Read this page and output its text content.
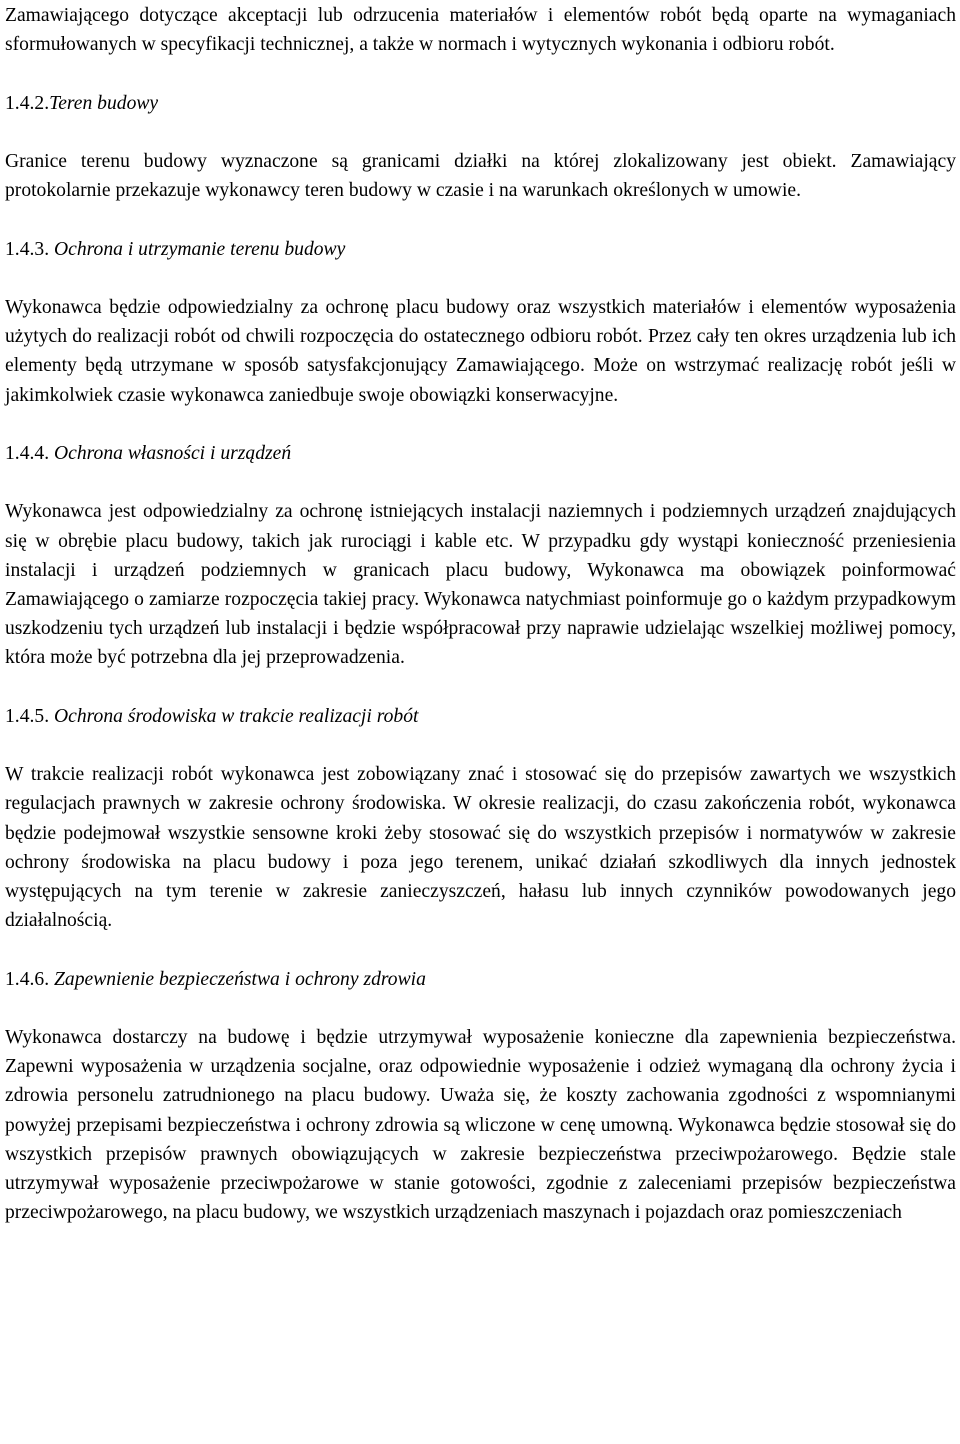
Zamawiającego dotyczące akceptacji lub odrzucenia materiałów i elementów robót będą oparte na wymaganiach sformułowanych w specyfikacji technicznej, a także w normach i wytycznych wykonania i odbioru robót.

1.4.2.Teren budowy

Granice terenu budowy wyznaczone są granicami działki na której zlokalizowany jest obiekt. Zamawiający protokolarnie przekazuje wykonawcy teren budowy w czasie i na warunkach określonych w umowie.

1.4.3. Ochrona i utrzymanie terenu budowy

Wykonawca będzie odpowiedzialny za ochronę placu budowy oraz wszystkich materiałów i elementów wyposażenia użytych do realizacji robót od chwili rozpoczęcia do ostatecznego odbioru robót. Przez cały ten okres urządzenia lub ich elementy będą utrzymane w sposób satysfakcjonujący Zamawiającego. Może on wstrzymać realizację robót jeśli w jakimkolwiek czasie wykonawca zaniedbuje swoje obowiązki konserwacyjne.

1.4.4. Ochrona własności i urządzeń

Wykonawca jest odpowiedzialny za ochronę istniejących instalacji naziemnych i podziemnych urządzeń znajdujących się w obrębie placu budowy, takich jak rurociągi i kable etc. W przypadku gdy wystąpi konieczność przeniesienia instalacji i urządzeń podziemnych w granicach placu budowy, Wykonawca ma obowiązek poinformować Zamawiającego o zamiarze rozpoczęcia takiej pracy. Wykonawca natychmiast poinformuje go o każdym przypadkowym uszkodzeniu tych urządzeń lub instalacji i będzie współpracował przy naprawie udzielając wszelkiej możliwej pomocy, która może być potrzebna dla jej przeprowadzenia.

1.4.5. Ochrona środowiska w trakcie realizacji robót

W trakcie realizacji robót wykonawca jest zobowiązany znać i stosować się do przepisów zawartych we wszystkich regulacjach prawnych w zakresie ochrony środowiska. W okresie realizacji, do czasu zakończenia robót, wykonawca będzie podejmował wszystkie sensowne kroki żeby stosować się do wszystkich przepisów i normatywów w zakresie ochrony środowiska na placu budowy i poza jego terenem, unikać działań szkodliwych dla innych jednostek występujących na tym terenie w zakresie zanieczyszczeń, hałasu lub innych czynników powodowanych jego działalnością.

1.4.6. Zapewnienie bezpieczeństwa i ochrony zdrowia

Wykonawca dostarczy na budowę i będzie utrzymywał wyposażenie konieczne dla zapewnienia bezpieczeństwa. Zapewni wyposażenia w urządzenia socjalne, oraz odpowiednie wyposażenie i odzież wymaganą dla ochrony życia i zdrowia personelu zatrudnionego na placu budowy. Uważa się, że koszty zachowania zgodności z wspomnianymi powyżej przepisami bezpieczeństwa i ochrony zdrowia są wliczone w cenę umowną. Wykonawca będzie stosował się do wszystkich przepisów prawnych obowiązujących w zakresie bezpieczeństwa przeciwpożarowego. Będzie stale utrzymywał wyposażenie przeciwpożarowe w stanie gotowości, zgodnie z zaleceniami przepisów bezpieczeństwa przeciwpożarowego, na placu budowy, we wszystkich urządzeniach maszynach i pojazdach oraz pomieszczeniach
